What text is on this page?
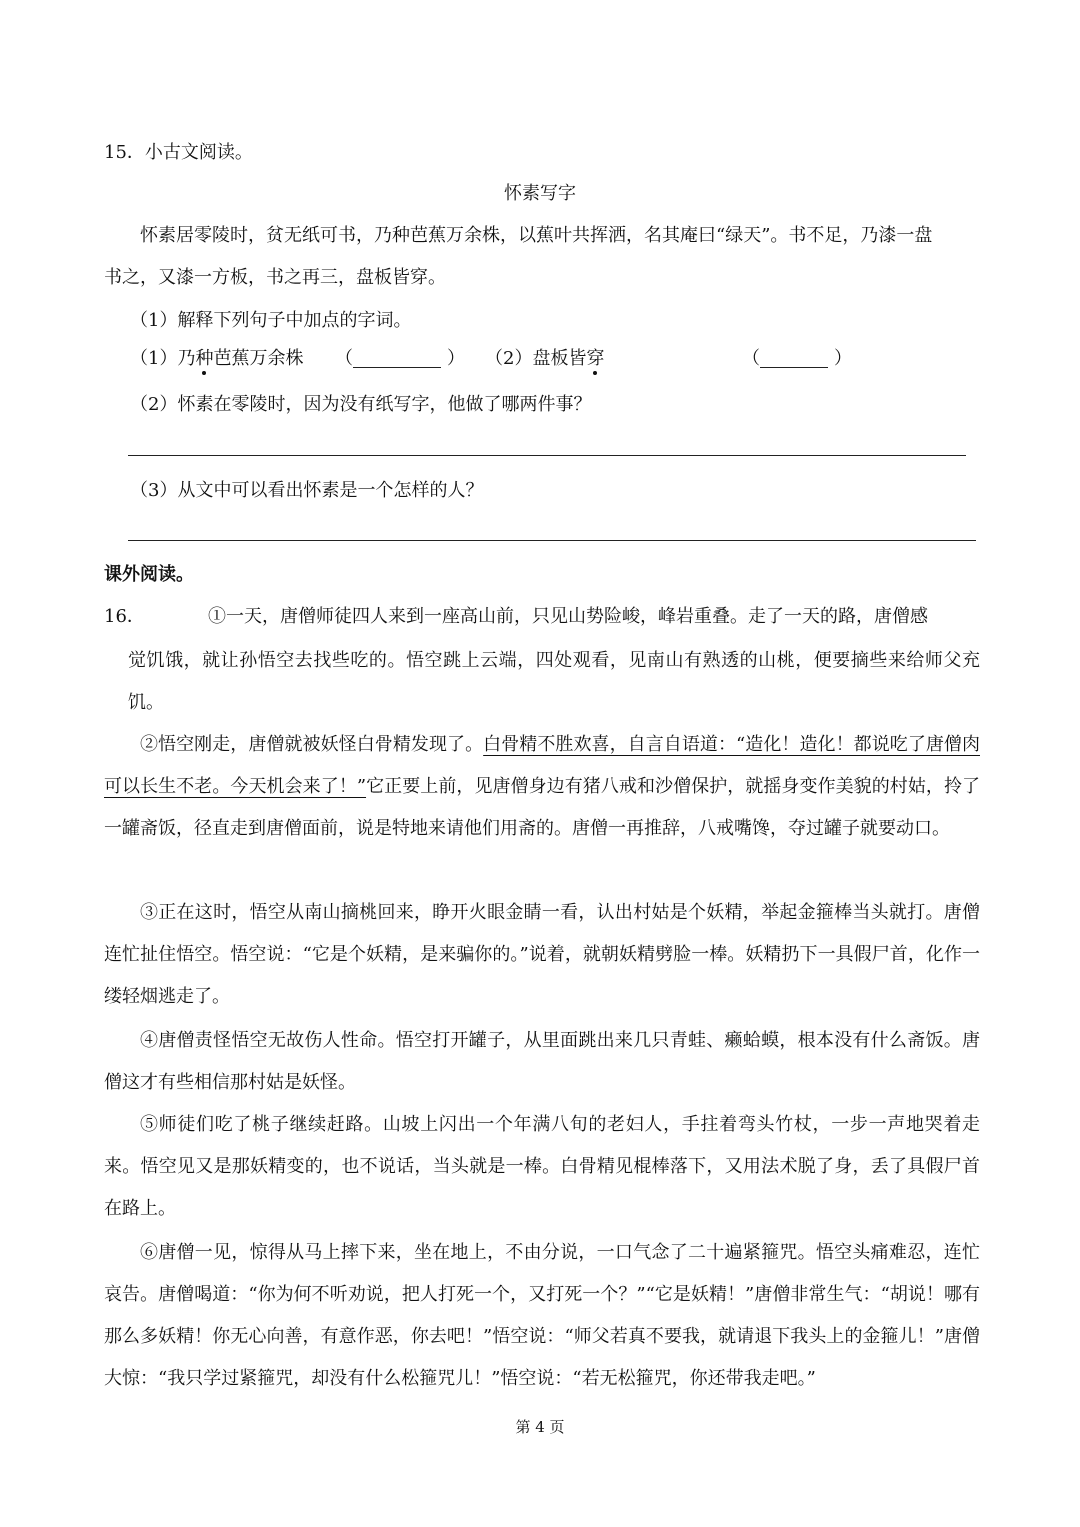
15．小古文阅读。
怀素写字
怀素居零陵时，贫无纸可书，乃种芭蕉万余株，以蕉叶共挥洒，名其庵曰“绿天”。书不足，乃漆一盘
书之，又漆一方板，书之再三，盘板皆穿。
（1）解释下列句子中加点的字词。
（1）乃种芭蕉万余株 （	） （2）盘板皆穿	（	）
（2）怀素在零陵时，因为没有纸写字，他做了哪两件事？
（3）从文中可以看出怀素是一个怎样的人？
课外阅读。
16．	①一天，唐僧师徒四人来到一座高山前，只见山势险峻，峰岩重叠。走了一天的路，唐僧感
觉饥饿，就让孙悟空去找些吃的。悟空跳上云端，四处观看，见南山有熟透的山桃，便要摘些来给师父充饥。
②悟空刚走，唐僧就被妖怪白骨精发现了。白骨精不胜欢喜，自言自语道：“造化！造化！都说吃了唐僧肉可以长生不老。今天机会来了！”它正要上前，见唐僧身边有猪八戒和沙僧保护，就摇身变作美貌的村姑，拎了一罐斋饭，径直走到唐僧面前，说是特地来请他们用斋的。唐僧一再推辞，八戒嘴馋，夺过罐子就要动口。
③正在这时，悟空从南山摘桃回来，睁开火眼金睛一看，认出村姑是个妖精，举起金箍棒当头就打。唐僧连忙扯住悟空。悟空说：“它是个妖精，是来骗你的。”说着，就朝妖精劈脸一棒。妖精扔下一具假尸首，化作一缕轻烟逃走了。
④唐僧责怪悟空无故伤人性命。悟空打开罐子，从里面跳出来几只青蛙、癞蛤蟆，根本没有什么斋饭。唐僧这才有些相信那村姑是妖怪。
⑤师徒们吃了桃子继续赶路。山坡上闪出一个年满八旬的老妇人，手拄着弯头竹杖，一步一声地哭着走来。悟空见又是那妖精变的，也不说话，当头就是一棒。白骨精见棍棒落下，又用法术脱了身，丢了具假尸首在路上。
⑥唐僧一见，惊得从马上摔下来，坐在地上，不由分说，一口气念了二十遍紧箍咒。悟空头痛难忍，连忙哀告。唐僧喝道：“你为何不听劝说，把人打死一个，又打死一个？”“它是妖精！”唐僧非常生气：“胡说！哪有那么多妖精！你无心向善，有意作恶，你去吧！”悟空说：“师父若真不要我，就请退下我头上的金箍儿！”唐僧大惊：“我只学过紧箍咒，却没有什么松箍咒儿！”悟空说：“若无松箍咒，你还带我走吧。”
第 4 页
